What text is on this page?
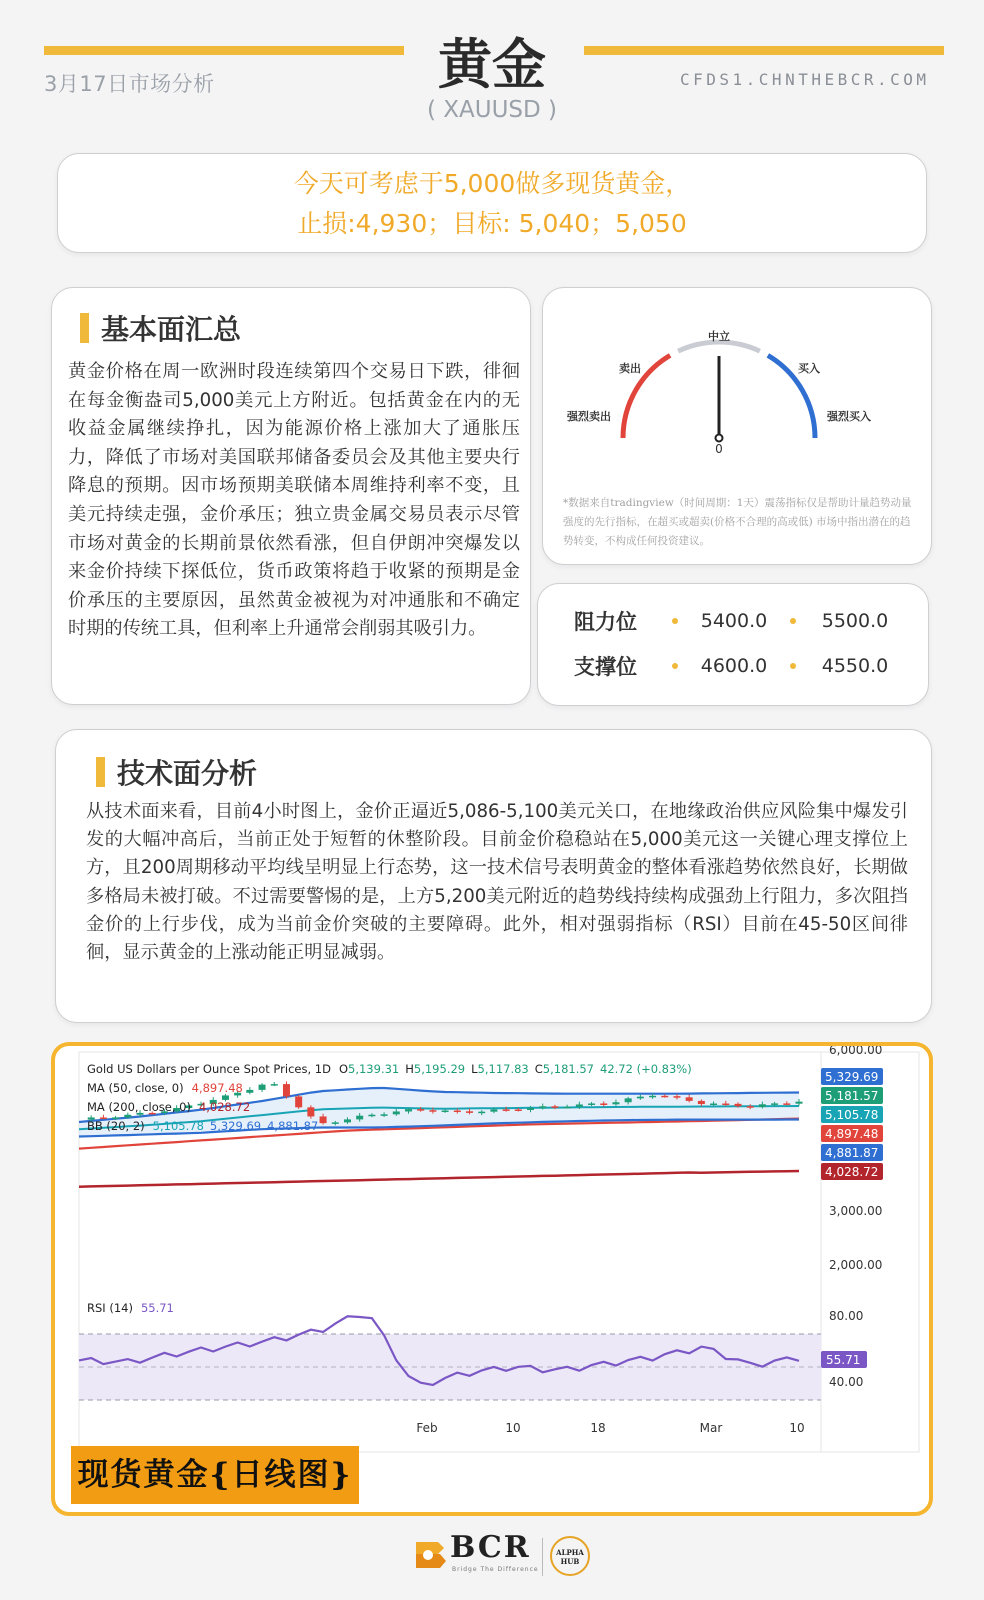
3月17日市场分析	CFDS1.CHNTHEBCR.COM
黄金
( XAUUSD )
今天可考虑于5,000做多现货黄金，
止损:4,930；目标: 5,040；5,050
基本面汇总
黄金价格在周一欧洲时段连续第四个交易日下跌，徘徊在每金衡盎司5,000美元上方附近。包括黄金在内的无收益金属继续挣扎，因为能源价格上涨加大了通胀压力，降低了市场对美国联邦储备委员会及其他主要央行降息的预期。因市场预期美联储本周维持利率不变，且美元持续走强，金价承压；独立贵金属交易员表示尽管市场对黄金的长期前景依然看涨，但自伊朗冲突爆发以来金价持续下探低位，货币政策将趋于收紧的预期是金价承压的主要原因，虽然黄金被视为对冲通胀和不确定时期的传统工具，但利率上升通常会削弱其吸引力。
中立
卖出	买入
强烈卖出	强烈买入
0
*数据来自tradingview（时间周期：1天）震荡指标仅是帮助计量趋势动量强度的先行指标，在超买或超卖(价格不合理的高或低) 市场中指出潜在的趋势转变，不构成任何投资建议。
阻力位	5400.0	5500.0
支撑位	4600.0	4550.0
技术面分析
从技术面来看，目前4小时图上，金价正逼近5,086-5,100美元关口，在地缘政治供应风险集中爆发引发的大幅冲高后，当前正处于短暂的休整阶段。目前金价稳稳站在5,000美元这一关键心理支撑位上方，且200周期移动平均线呈明显上行态势，这一技术信号表明黄金的整体看涨趋势依然良好，长期做多格局未被打破。不过需要警惕的是，上方5,200美元附近的趋势线持续构成强劲上行阻力，多次阻挡金价的上行步伐，成为当前金价突破的主要障碍。此外，相对强弱指标（RSI）目前在45-50区间徘徊，显示黄金的上涨动能正明显减弱。
Gold US Dollars per Ounce Spot Prices, 1D O5,139.31 H5,195.29 L5,117.83 C5,181.57 42.72 (+0.83%)
MA (50, close, 0) 4,897.48
MA (200, close, 0) 4,028.72
BB (20, 2) 5,105.78 5,329.69 4,881.87
RSI (14) 55.71
6,000.00
3,000.00
2,000.00
80.00
40.00
5,329.69
5,181.57
5,105.78
4,897.48
4,881.87
4,028.72
55.71
Feb	10	18	Mar	10
现货黄金{日线图}
BCR
Bridge The Difference
ALPHA
HUB
